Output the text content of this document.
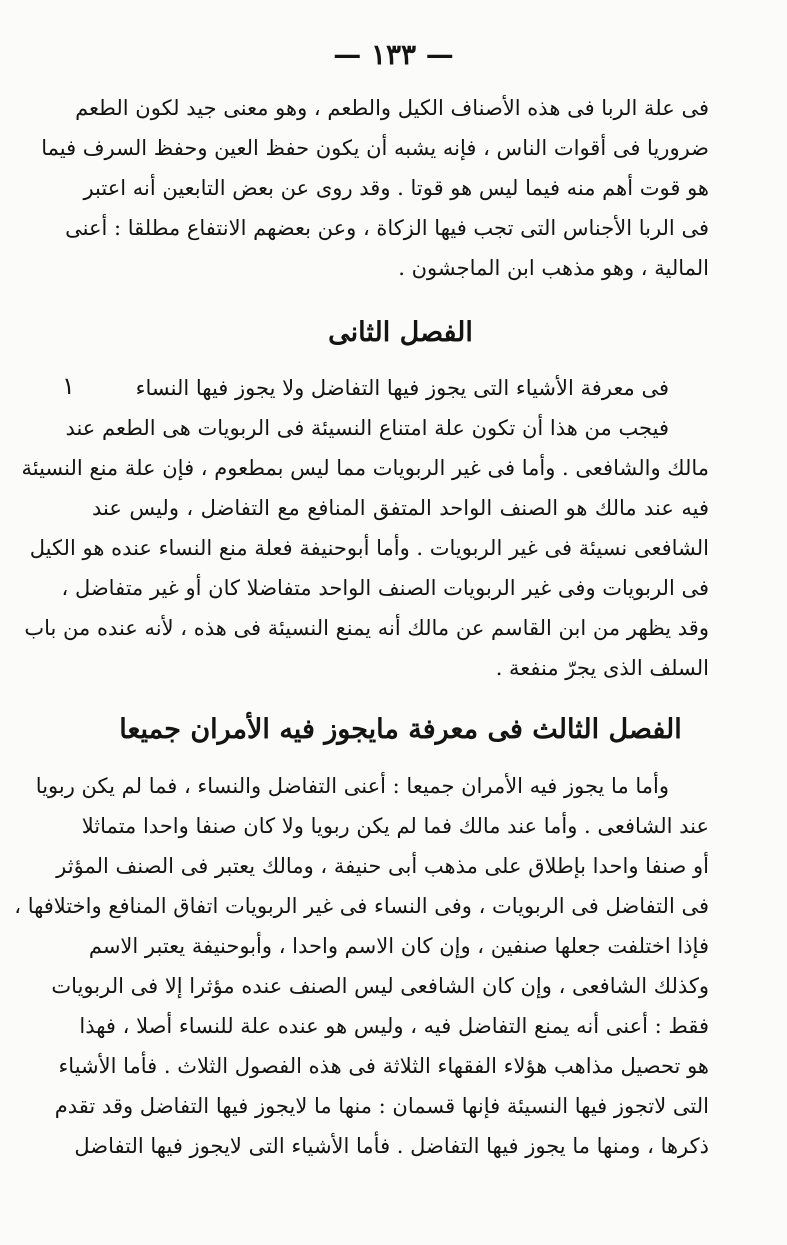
— ١٣٣ —
١
فى علة الربا فى هذه الأصناف الكيل والطعم ، وهو معنى جيد لكون الطعم
ضروريا فى أقوات الناس ، فإنه يشبه أن يكون حفظ العين وحفظ السرف فيما
هو قوت أهم منه فيما ليس هو قوتا . وقد روى عن بعض التابعين أنه اعتبر
فى الربا الأجناس التى تجب فيها الزكاة ، وعن بعضهم الانتفاع مطلقا : أعنى
المالية ، وهو مذهب ابن الماجشون .
الفصل الثانى
فى معرفة الأشياء التى يجوز فيها التفاضل ولا يجوز فيها النساء
فيجب من هذا أن تكون علة امتناع النسيئة فى الربويات هى الطعم عند
مالك والشافعى . وأما فى غير الربويات مما ليس بمطعوم ، فإن علة منع النسيئة
فيه عند مالك هو الصنف الواحد المتفق المنافع مع التفاضل ، وليس عند
الشافعى نسيئة فى غير الربويات . وأما أبوحنيفة فعلة منع النساء عنده هو الكيل
فى الربويات وفى غير الربويات الصنف الواحد متفاضلا كان أو غير متفاضل ،
وقد يظهر من ابن القاسم عن مالك أنه يمنع النسيئة فى هذه ، لأنه عنده من باب
السلف الذى يجرّ منفعة .
الفصل الثالث فى معرفة مايجوز فيه الأمران جميعا
وأما ما يجوز فيه الأمران جميعا : أعنى التفاضل والنساء ، فما لم يكن ربويا
عند الشافعى . وأما عند مالك فما لم يكن ربويا ولا كان صنفا واحدا متماثلا
أو صنفا واحدا بإطلاق على مذهب أبى حنيفة ، ومالك يعتبر فى الصنف المؤثر
فى التفاضل فى الربويات ، وفى النساء فى غير الربويات اتفاق المنافع واختلافها ،
فإذا اختلفت جعلها صنفين ، وإن كان الاسم واحدا ، وأبوحنيفة يعتبر الاسم
وكذلك الشافعى ، وإن كان الشافعى ليس الصنف عنده مؤثرا إلا فى الربويات
فقط : أعنى أنه يمنع التفاضل فيه ، وليس هو عنده علة للنساء أصلا ، فهذا
هو تحصيل مذاهب هؤلاء الفقهاء الثلاثة فى هذه الفصول الثلاث . فأما الأشياء
التى لاتجوز فيها النسيئة فإنها قسمان : منها ما لايجوز فيها التفاضل وقد تقدم
ذكرها ، ومنها ما يجوز فيها التفاضل . فأما الأشياء التى لايجوز فيها التفاضل
